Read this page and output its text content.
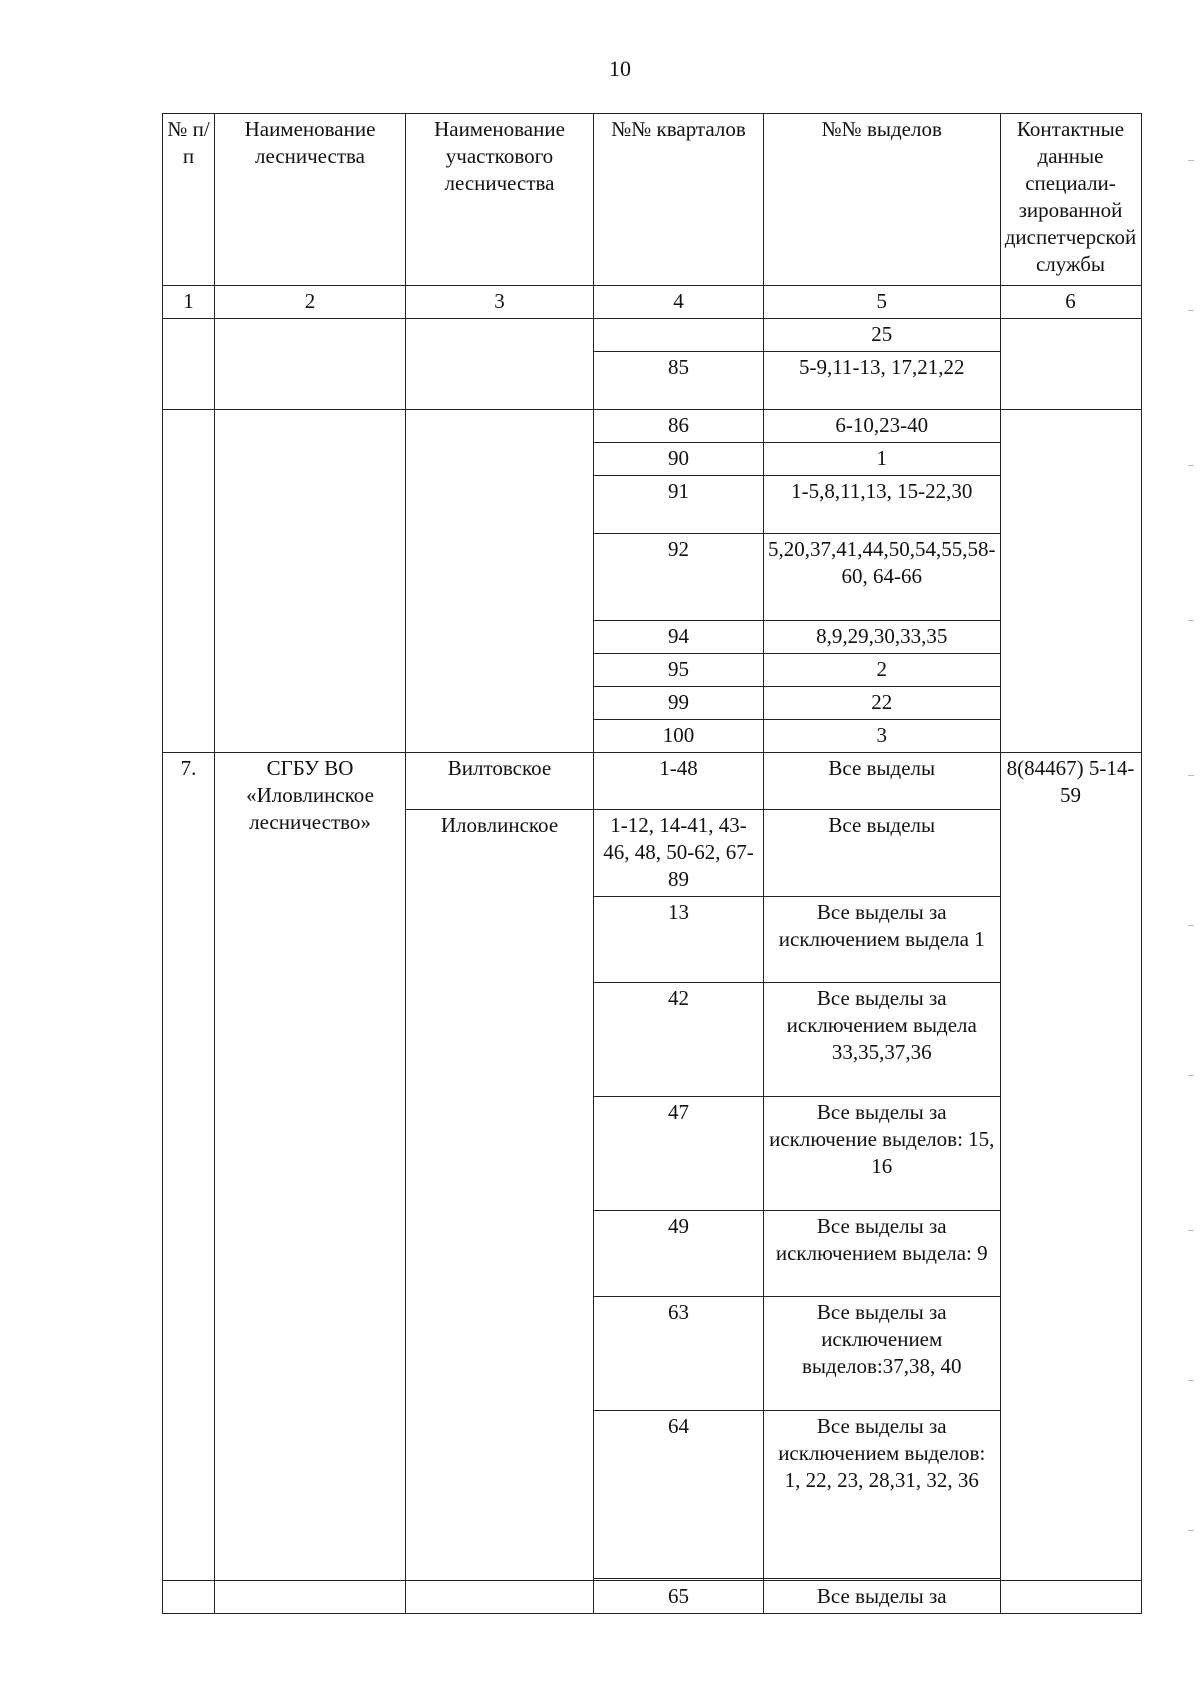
10
№ п/п	Наименование лесничества	Наименование участкового лесничества	№№ кварталов	№№ выделов	Контактные данные специали-зированной диспетчерской службы
1	2	3	4	5	6
				25	
			85	5-9,11-13, 17,21,22	
			86	6-10,23-40	
			90	1	
			91	1-5,8,11,13, 15-22,30	
			92	5,20,37,41,44,50,54,55,58-60, 64-66	
			94	8,9,29,30,33,35	
			95	2	
			99	22	
			100	3	
7.	СГБУ ВО «Иловлинское лесничество»	Вилтовское	1-48	Все выделы	8(84467) 5-14-59
		Иловлинское	1-12, 14-41, 43-46, 48, 50-62, 67-89	Все выделы	
			13	Все выделы за исключением выдела 1	
			42	Все выделы за исключением выдела 33,35,37,36	
			47	Все выделы за исключение выделов: 15, 16	
			49	Все выделы за исключением выдела: 9	
			63	Все выделы за исключением выделов:37,38, 40	
			64	Все выделы за исключением выделов: 1, 22, 23, 28,31, 32, 36	

			65	Все выделы за	
